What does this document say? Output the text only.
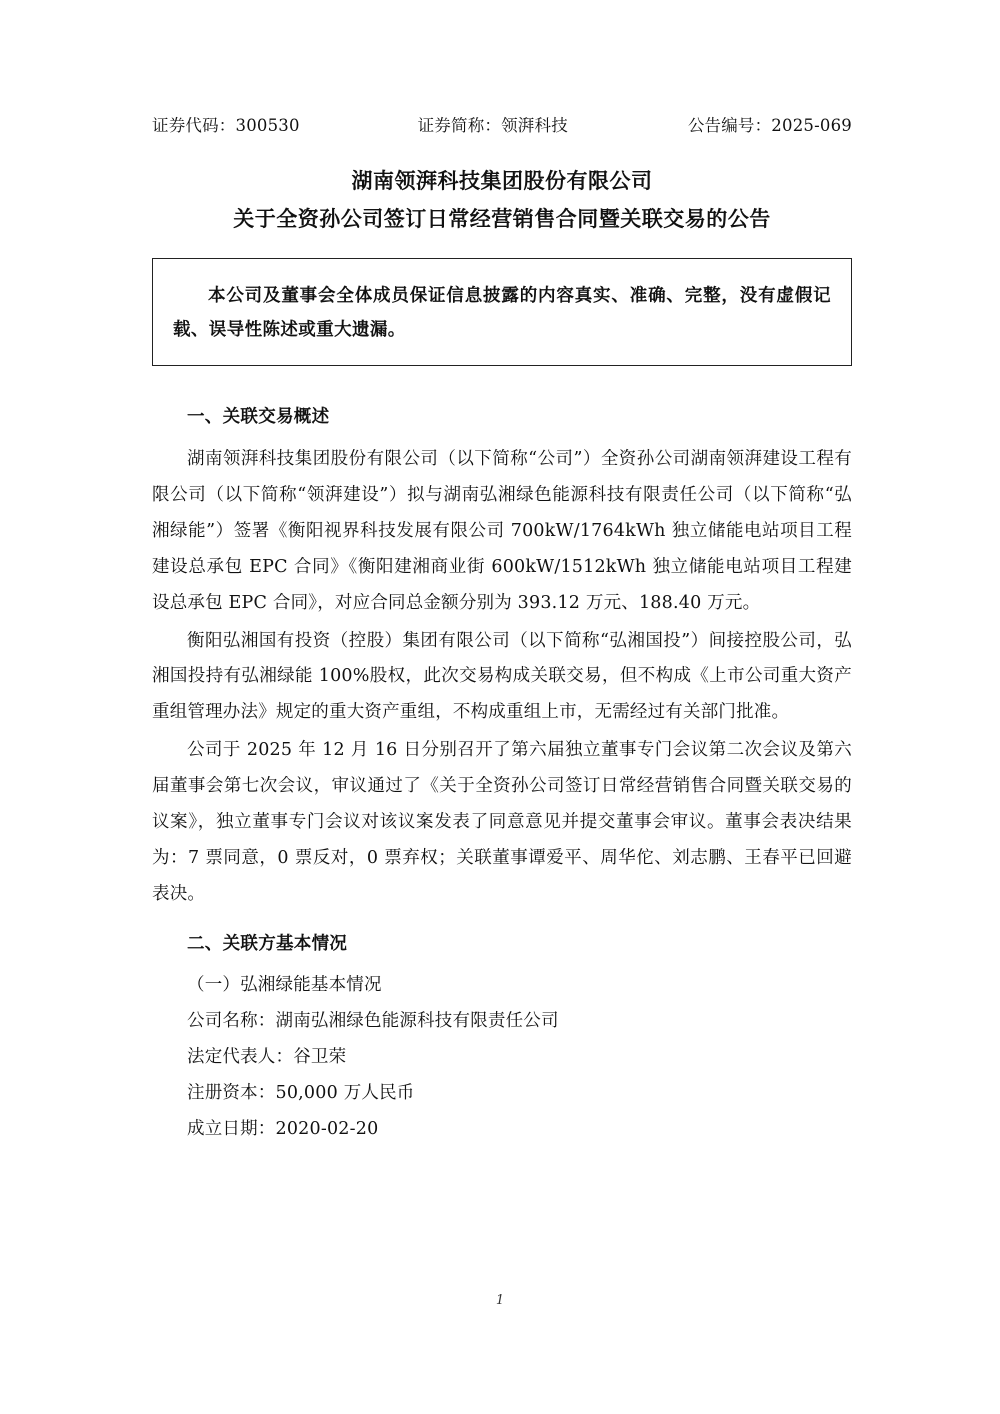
证券代码：300530	证券简称：领湃科技	公告编号：2025-069
湖南领湃科技集团股份有限公司
关于全资孙公司签订日常经营销售合同暨关联交易的公告

本公司及董事会全体成员保证信息披露的内容真实、准确、完整，没有虚假记载、误导性陈述或重大遗漏。

一、关联交易概述

湖南领湃科技集团股份有限公司（以下简称“公司”）全资孙公司湖南领湃建设工程有限公司（以下简称“领湃建设”）拟与湖南弘湘绿色能源科技有限责任公司（以下简称“弘湘绿能”）签署《衡阳视界科技发展有限公司 700kW/1764kWh 独立储能电站项目工程建设总承包 EPC 合同》《衡阳建湘商业街 600kW/1512kWh 独立储能电站项目工程建设总承包 EPC 合同》，对应合同总金额分别为 393.12 万元、188.40 万元。

衡阳弘湘国有投资（控股）集团有限公司（以下简称“弘湘国投”）间接控股公司，弘湘国投持有弘湘绿能 100%股权，此次交易构成关联交易，但不构成《上市公司重大资产重组管理办法》规定的重大资产重组，不构成重组上市，无需经过有关部门批准。

公司于 2025 年 12 月 16 日分别召开了第六届独立董事专门会议第二次会议及第六届董事会第七次会议，审议通过了《关于全资孙公司签订日常经营销售合同暨关联交易的议案》，独立董事专门会议对该议案发表了同意意见并提交董事会审议。董事会表决结果为：7 票同意，0 票反对，0 票弃权；关联董事谭爱平、周华佗、刘志鹏、王春平已回避表决。

二、关联方基本情况

（一）弘湘绿能基本情况

公司名称：湖南弘湘绿色能源科技有限责任公司

法定代表人：谷卫荣

注册资本：50,000 万人民币

成立日期：2020-02-20

1
